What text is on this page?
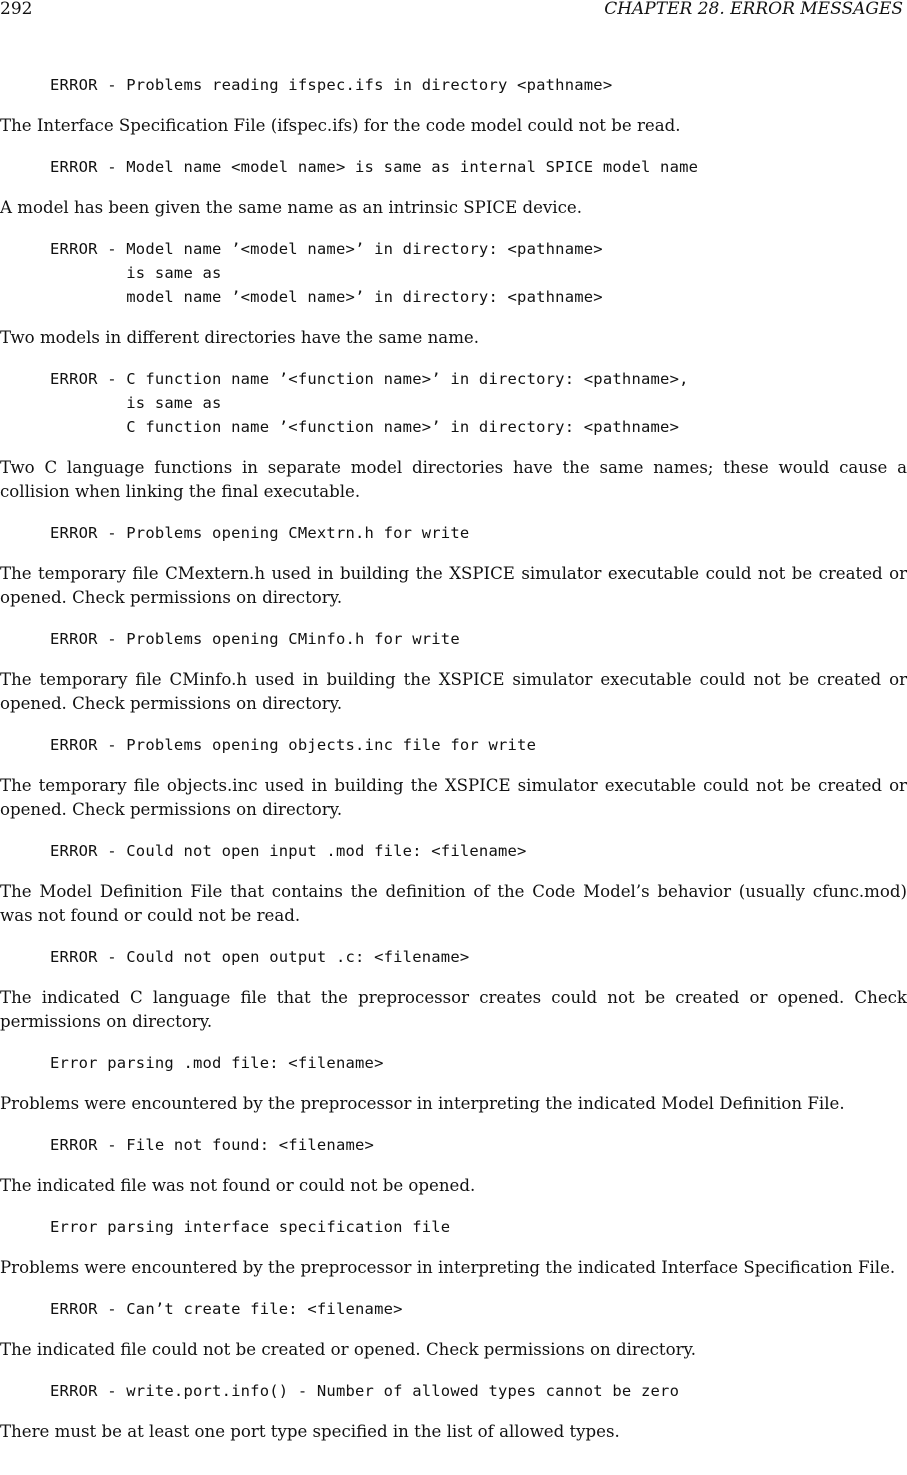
292	CHAPTER 28. ERROR MESSAGES
ERROR - Problems reading ifspec.ifs in directory <pathname>

The Interface Specification File (ifspec.ifs) for the code model could not be read.

ERROR - Model name <model name> is same as internal SPICE model name

A model has been given the same name as an intrinsic SPICE device.

ERROR - Model name ’<model name>’ in directory: <pathname>
is same as
model name ’<model name>’ in directory: <pathname>

Two models in different directories have the same name.

ERROR - C function name ’<function name>’ in directory: <pathname>,
is same as
C function name ’<function name>’ in directory: <pathname>

Two C language functions in separate model directories have the same names; these would cause a collision when linking the final executable.

ERROR - Problems opening CMextrn.h for write

The temporary file CMextern.h used in building the XSPICE simulator executable could not be created or opened. Check permissions on directory.

ERROR - Problems opening CMinfo.h for write

The temporary file CMinfo.h used in building the XSPICE simulator executable could not be created or opened. Check permissions on directory.

ERROR - Problems opening objects.inc file for write

The temporary file objects.inc used in building the XSPICE simulator executable could not be created or opened. Check permissions on directory.

ERROR - Could not open input .mod file: <filename>

The Model Definition File that contains the definition of the Code Model’s behavior (usually cfunc.mod) was not found or could not be read.

ERROR - Could not open output .c: <filename>

The indicated C language file that the preprocessor creates could not be created or opened. Check permissions on directory.

Error parsing .mod file: <filename>

Problems were encountered by the preprocessor in interpreting the indicated Model Definition File.

ERROR - File not found: <filename>

The indicated file was not found or could not be opened.

Error parsing interface specification file

Problems were encountered by the preprocessor in interpreting the indicated Interface Specification File.

ERROR - Can’t create file: <filename>

The indicated file could not be created or opened. Check permissions on directory.

ERROR - write.port.info() - Number of allowed types cannot be zero

There must be at least one port type specified in the list of allowed types.
